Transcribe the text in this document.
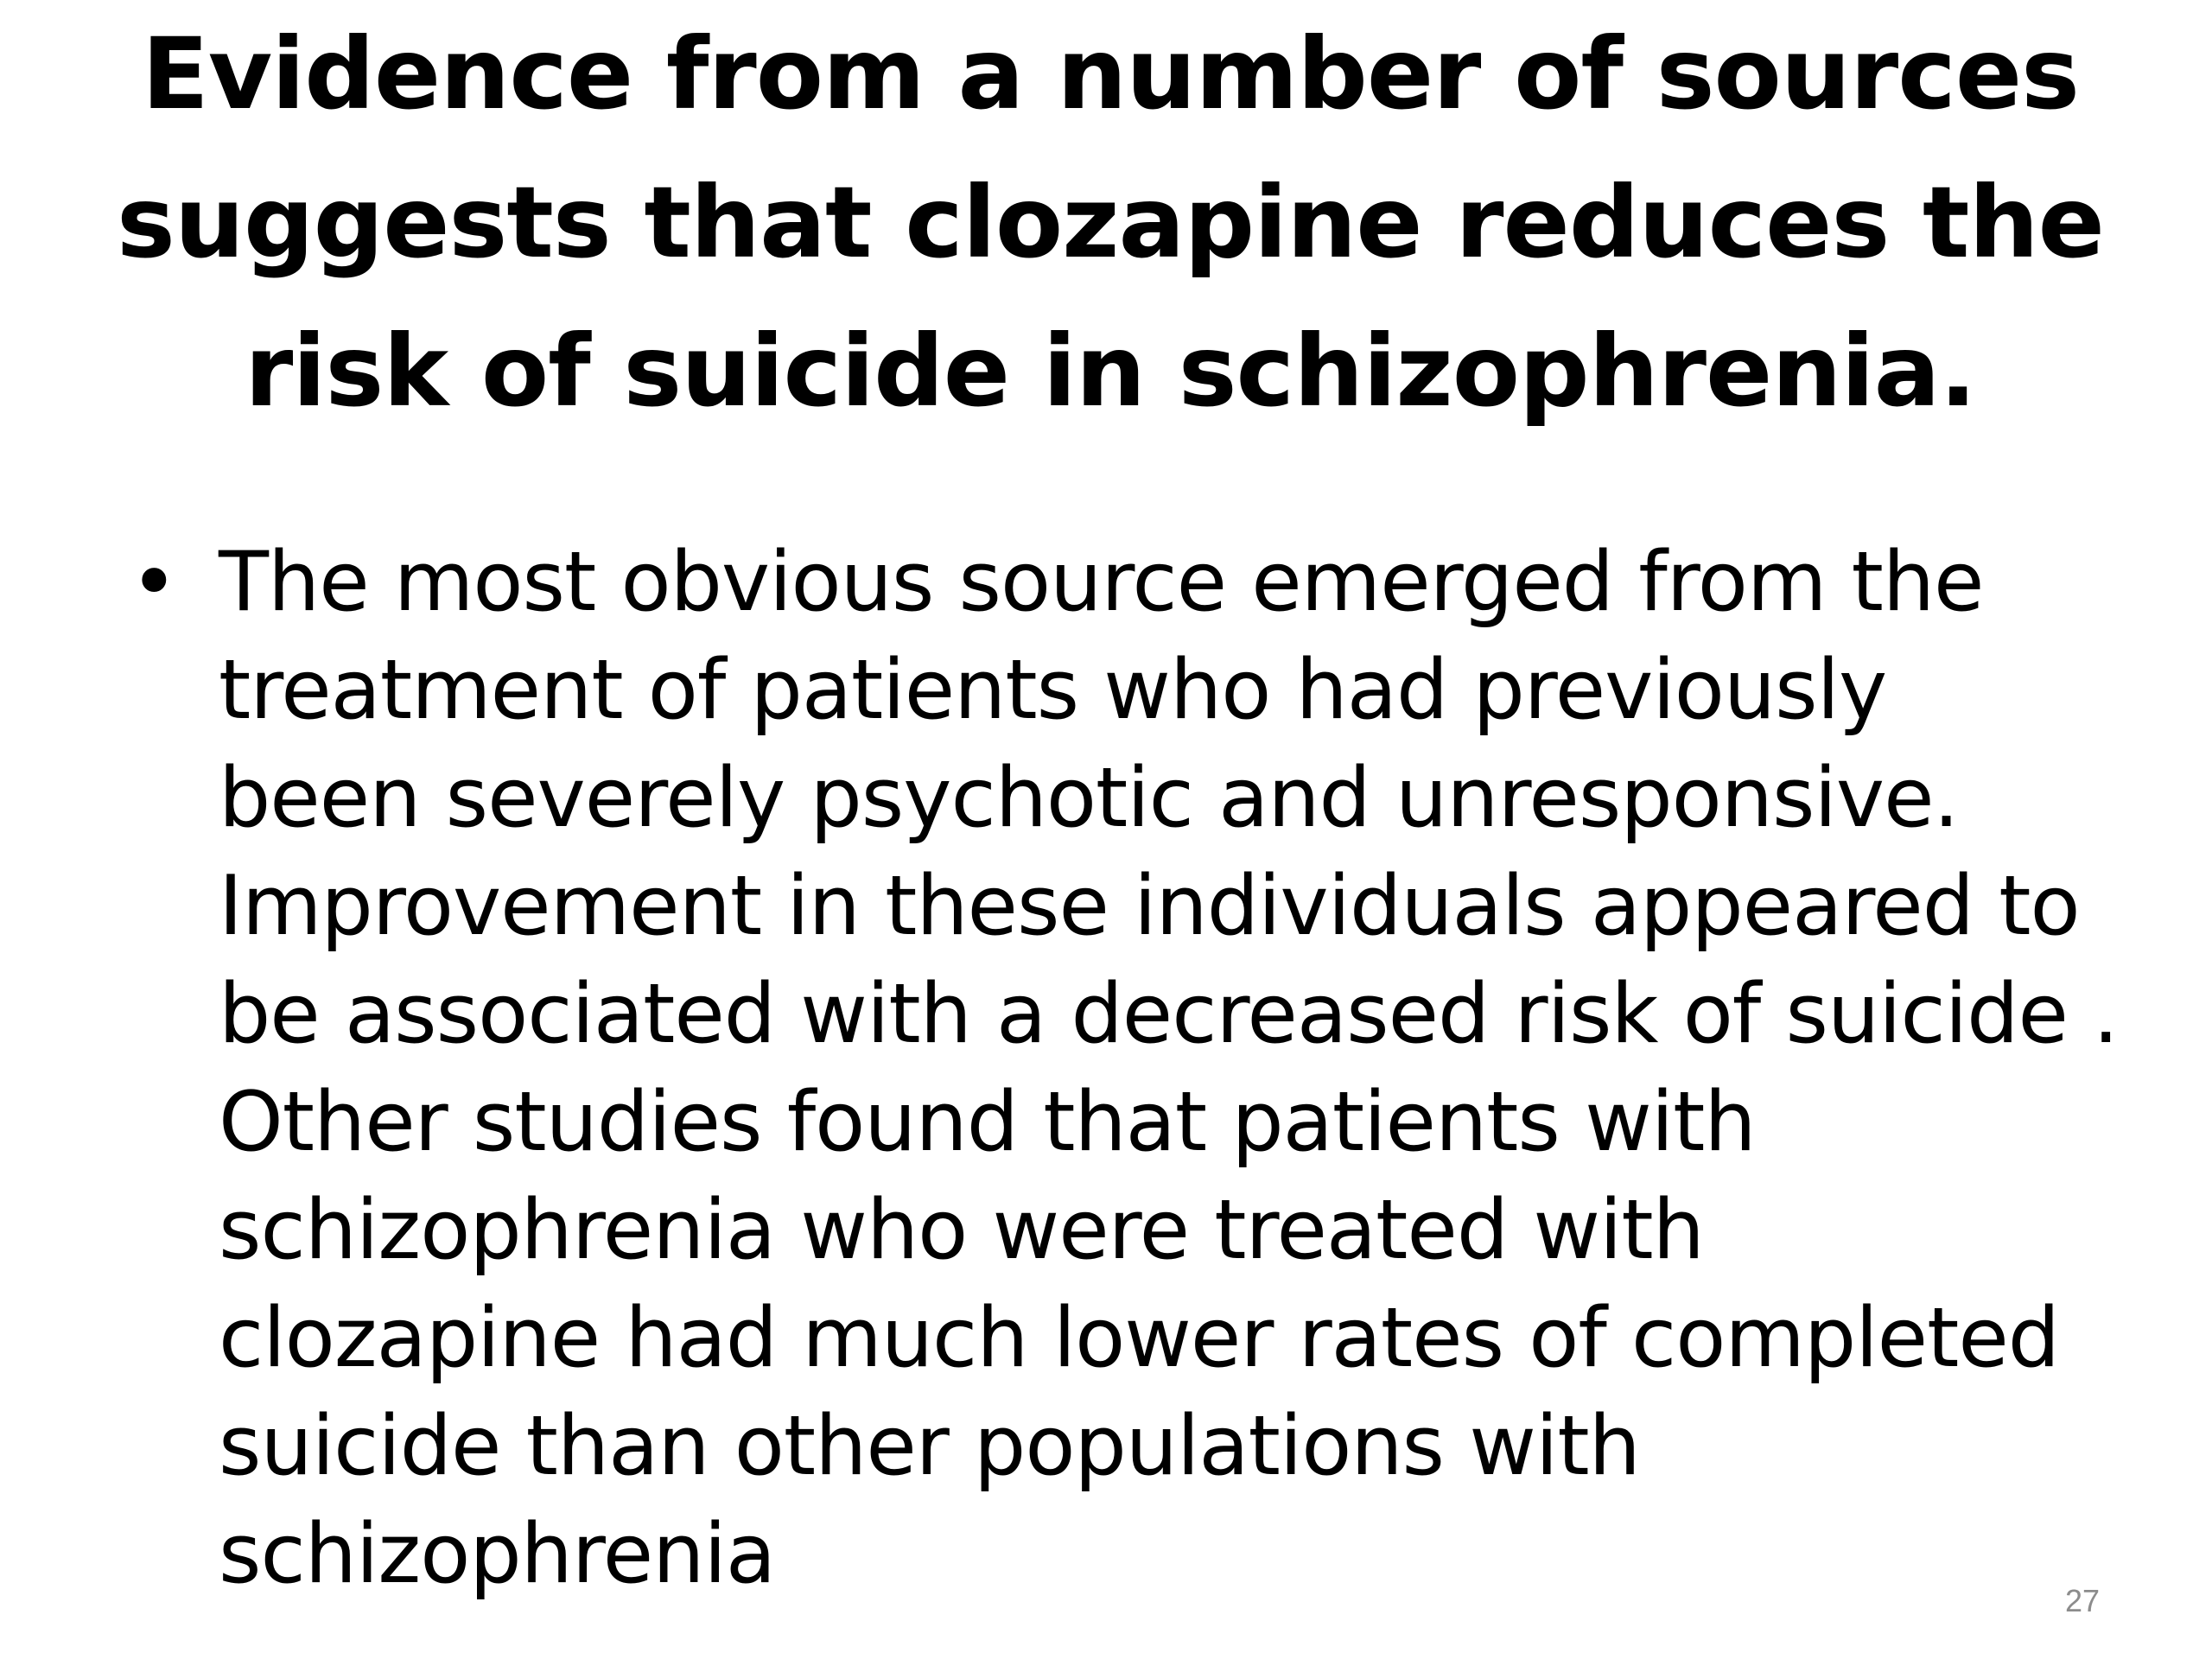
Evidence from a number of sources
suggests that clozapine reduces the
risk of suicide in schizophrenia.
• The most obvious source emerged from the
treatment of patients who had previously
been severely psychotic and unresponsive.
Improvement in these individuals appeared to
be associated with a decreased risk of suicide .
Other studies found that patients with
schizophrenia who were treated with
clozapine had much lower rates of completed
suicide than other populations with
schizophrenia	27
